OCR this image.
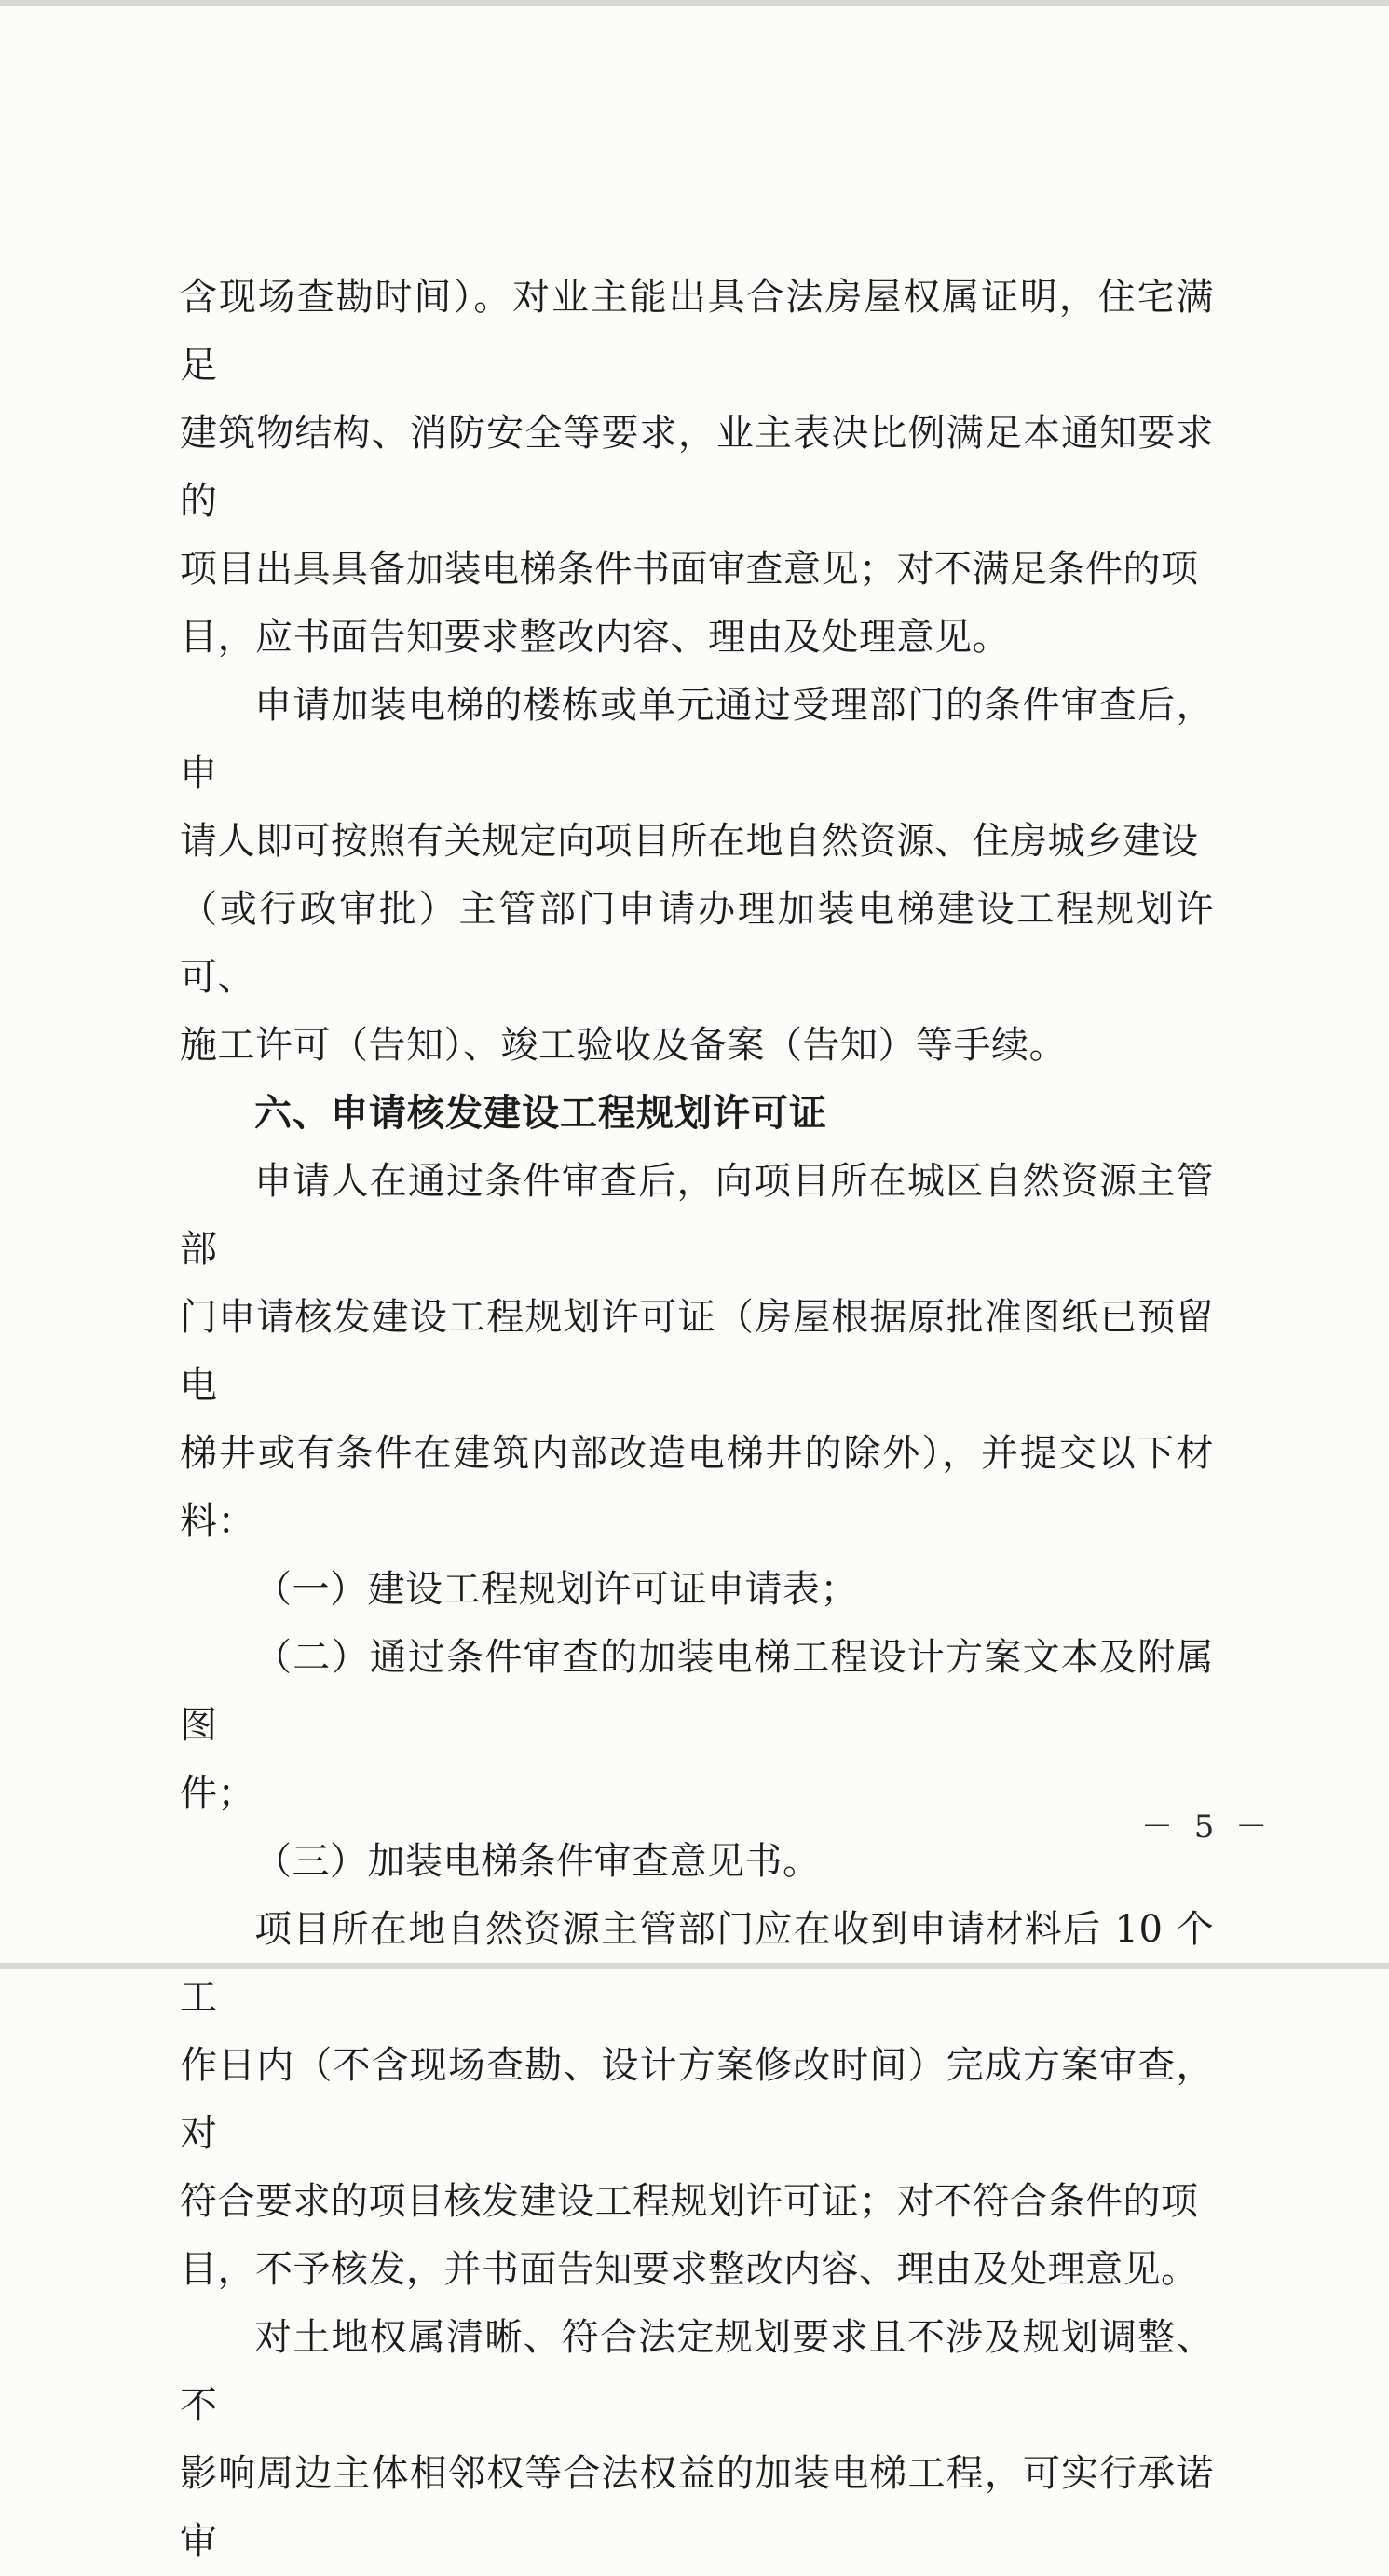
含现场查勘时间）。对业主能出具合法房屋权属证明，住宅满足
建筑物结构、消防安全等要求，业主表决比例满足本通知要求的
项目出具具备加装电梯条件书面审查意见；对不满足条件的项
目，应书面告知要求整改内容、理由及处理意见。

申请加装电梯的楼栋或单元通过受理部门的条件审查后，申
请人即可按照有关规定向项目所在地自然资源、住房城乡建设
（或行政审批）主管部门申请办理加装电梯建设工程规划许可、
施工许可（告知）、竣工验收及备案（告知）等手续。

六、申请核发建设工程规划许可证

申请人在通过条件审查后，向项目所在城区自然资源主管部
门申请核发建设工程规划许可证（房屋根据原批准图纸已预留电
梯井或有条件在建筑内部改造电梯井的除外），并提交以下材料：

（一）建设工程规划许可证申请表；

（二）通过条件审查的加装电梯工程设计方案文本及附属图
件；

（三）加装电梯条件审查意见书。

项目所在地自然资源主管部门应在收到申请材料后 10 个工
作日内（不含现场查勘、设计方案修改时间）完成方案审查，对
符合要求的项目核发建设工程规划许可证；对不符合条件的项
目，不予核发，并书面告知要求整改内容、理由及处理意见。

对土地权属清晰、符合法定规划要求且不涉及规划调整、不
影响周边主体相邻权等合法权益的加装电梯工程，可实行承诺审

－ 5 －
